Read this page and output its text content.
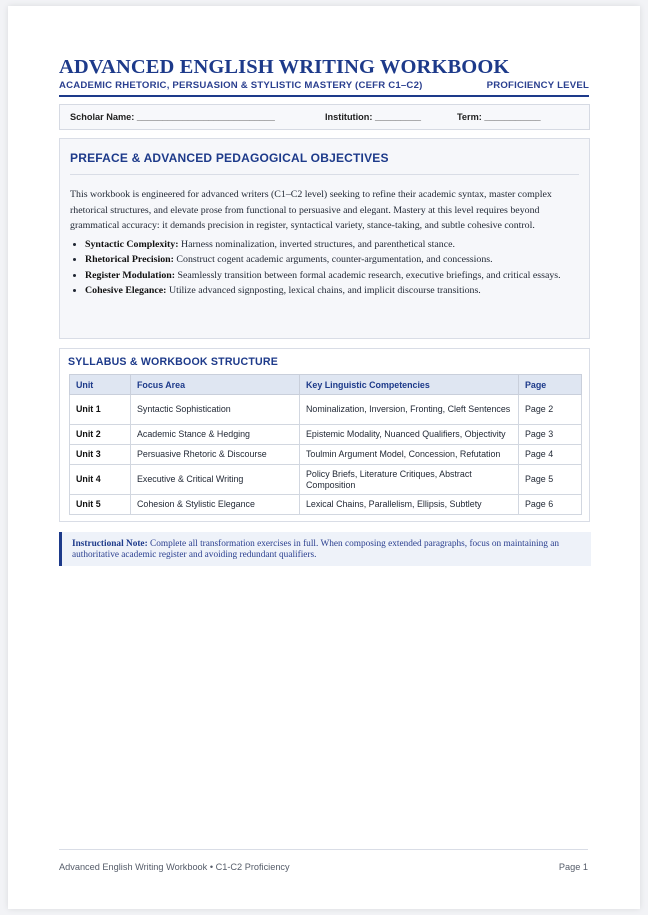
ADVANCED ENGLISH WRITING WORKBOOK
ACADEMIC RHETORIC, PERSUASION & STYLISTIC MASTERY (CEFR C1–C2)	PROFICIENCY LEVEL
Scholar Name: ___________________________	Institution: _________	Term: ___________
PREFACE & ADVANCED PEDAGOGICAL OBJECTIVES
This workbook is engineered for advanced writers (C1–C2 level) seeking to refine their academic syntax, master complex rhetorical structures, and elevate prose from functional to persuasive and elegant. Mastery at this level requires beyond grammatical accuracy: it demands precision in register, syntactical variety, stance-taking, and subtle cohesive control.
• Syntactic Complexity: Harness nominalization, inverted structures, and parenthetical stance.
• Rhetorical Precision: Construct cogent academic arguments, counter-argumentation, and concessions.
• Register Modulation: Seamlessly transition between formal academic research, executive briefings, and critical essays.
• Cohesive Elegance: Utilize advanced signposting, lexical chains, and implicit discourse transitions.
SYLLABUS & WORKBOOK STRUCTURE
Unit	Focus Area	Key Linguistic Competencies	Page
Unit 1	Syntactic Sophistication	Nominalization, Inversion, Fronting, Cleft Sentences	Page 2
Unit 2	Academic Stance & Hedging	Epistemic Modality, Nuanced Qualifiers, Objectivity	Page 3
Unit 3	Persuasive Rhetoric & Discourse	Toulmin Argument Model, Concession, Refutation	Page 4
Unit 4	Executive & Critical Writing	Policy Briefs, Literature Critiques, Abstract Composition	Page 5
Unit 5	Cohesion & Stylistic Elegance	Lexical Chains, Parallelism, Ellipsis, Subtlety	Page 6

Instructional Note: Complete all transformation exercises in full. When composing extended paragraphs, focus on maintaining an authoritative academic register and avoiding redundant qualifiers.

Advanced English Writing Workbook • C1-C2 Proficiency	Page 1
